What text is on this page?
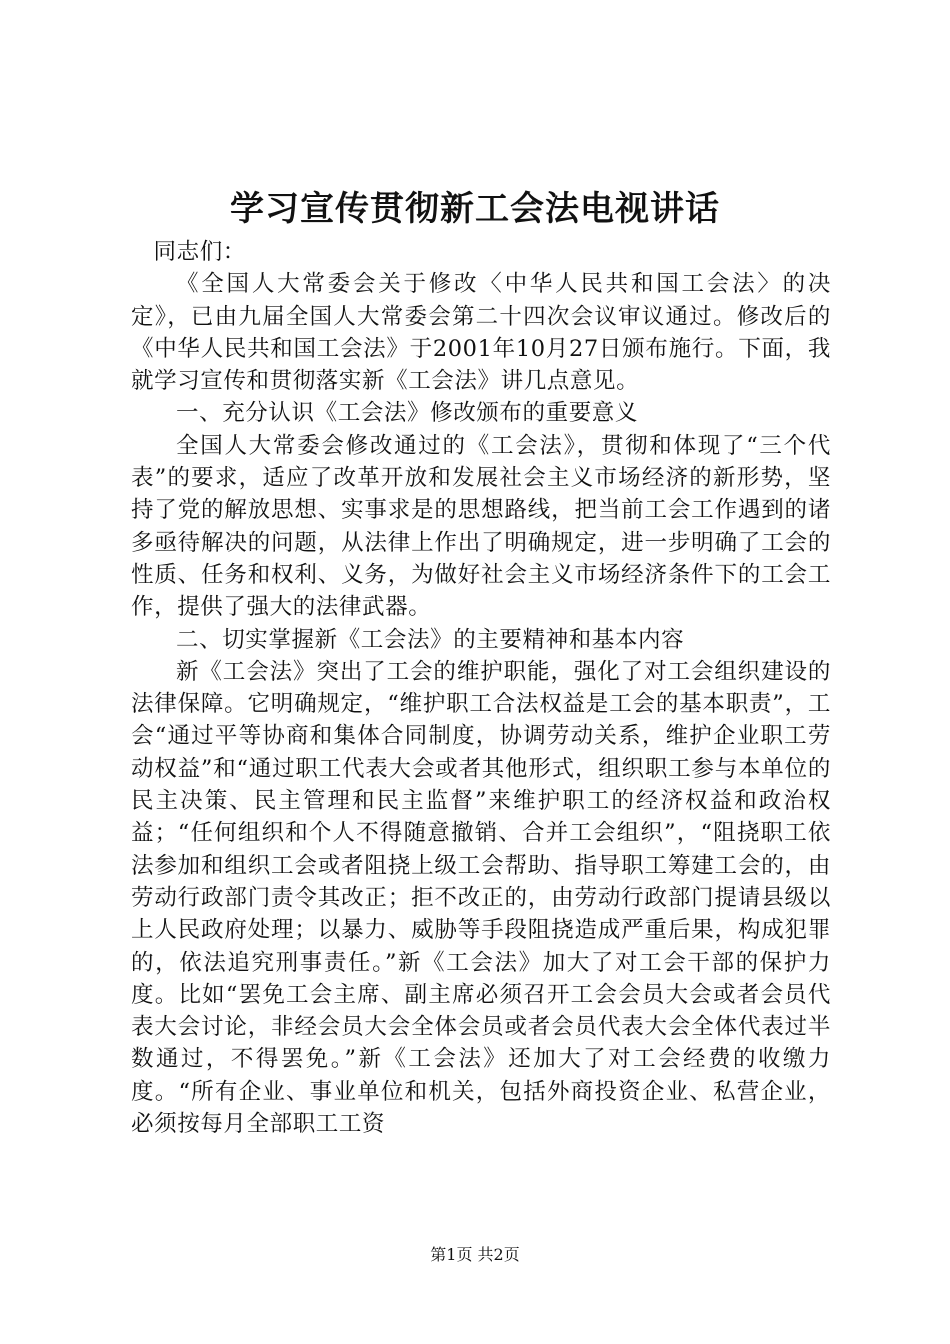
学习宣传贯彻新工会法电视讲话

同志们：

《全国人大常委会关于修改〈中华人民共和国工会法〉的决定》，已由九届全国人大常委会第二十四次会议审议通过。修改后的《中华人民共和国工会法》于2001年10月27日颁布施行。下面，我就学习宣传和贯彻落实新《工会法》讲几点意见。

一、充分认识《工会法》修改颁布的重要意义

全国人大常委会修改通过的《工会法》，贯彻和体现了“三个代表”的要求，适应了改革开放和发展社会主义市场经济的新形势，坚持了党的解放思想、实事求是的思想路线，把当前工会工作遇到的诸多亟待解决的问题，从法律上作出了明确规定，进一步明确了工会的性质、任务和权利、义务，为做好社会主义市场经济条件下的工会工作，提供了强大的法律武器。

二、切实掌握新《工会法》的主要精神和基本内容

新《工会法》突出了工会的维护职能，强化了对工会组织建设的法律保障。它明确规定，“维护职工合法权益是工会的基本职责”，工会“通过平等协商和集体合同制度，协调劳动关系，维护企业职工劳动权益”和“通过职工代表大会或者其他形式，组织职工参与本单位的民主决策、民主管理和民主监督”来维护职工的经济权益和政治权益；“任何组织和个人不得随意撤销、合并工会组织”，“阻挠职工依法参加和组织工会或者阻挠上级工会帮助、指导职工筹建工会的，由劳动行政部门责令其改正；拒不改正的，由劳动行政部门提请县级以上人民政府处理；以暴力、威胁等手段阻挠造成严重后果，构成犯罪的，依法追究刑事责任。”新《工会法》加大了对工会干部的保护力度。比如“罢免工会主席、副主席必须召开工会会员大会或者会员代表大会讨论，非经会员大会全体会员或者会员代表大会全体代表过半数通过，不得罢免。”新《工会法》还加大了对工会经费的收缴力度。“所有企业、事业单位和机关，包括外商投资企业、私营企业，必须按每月全部职工工资

第1页 共2页
